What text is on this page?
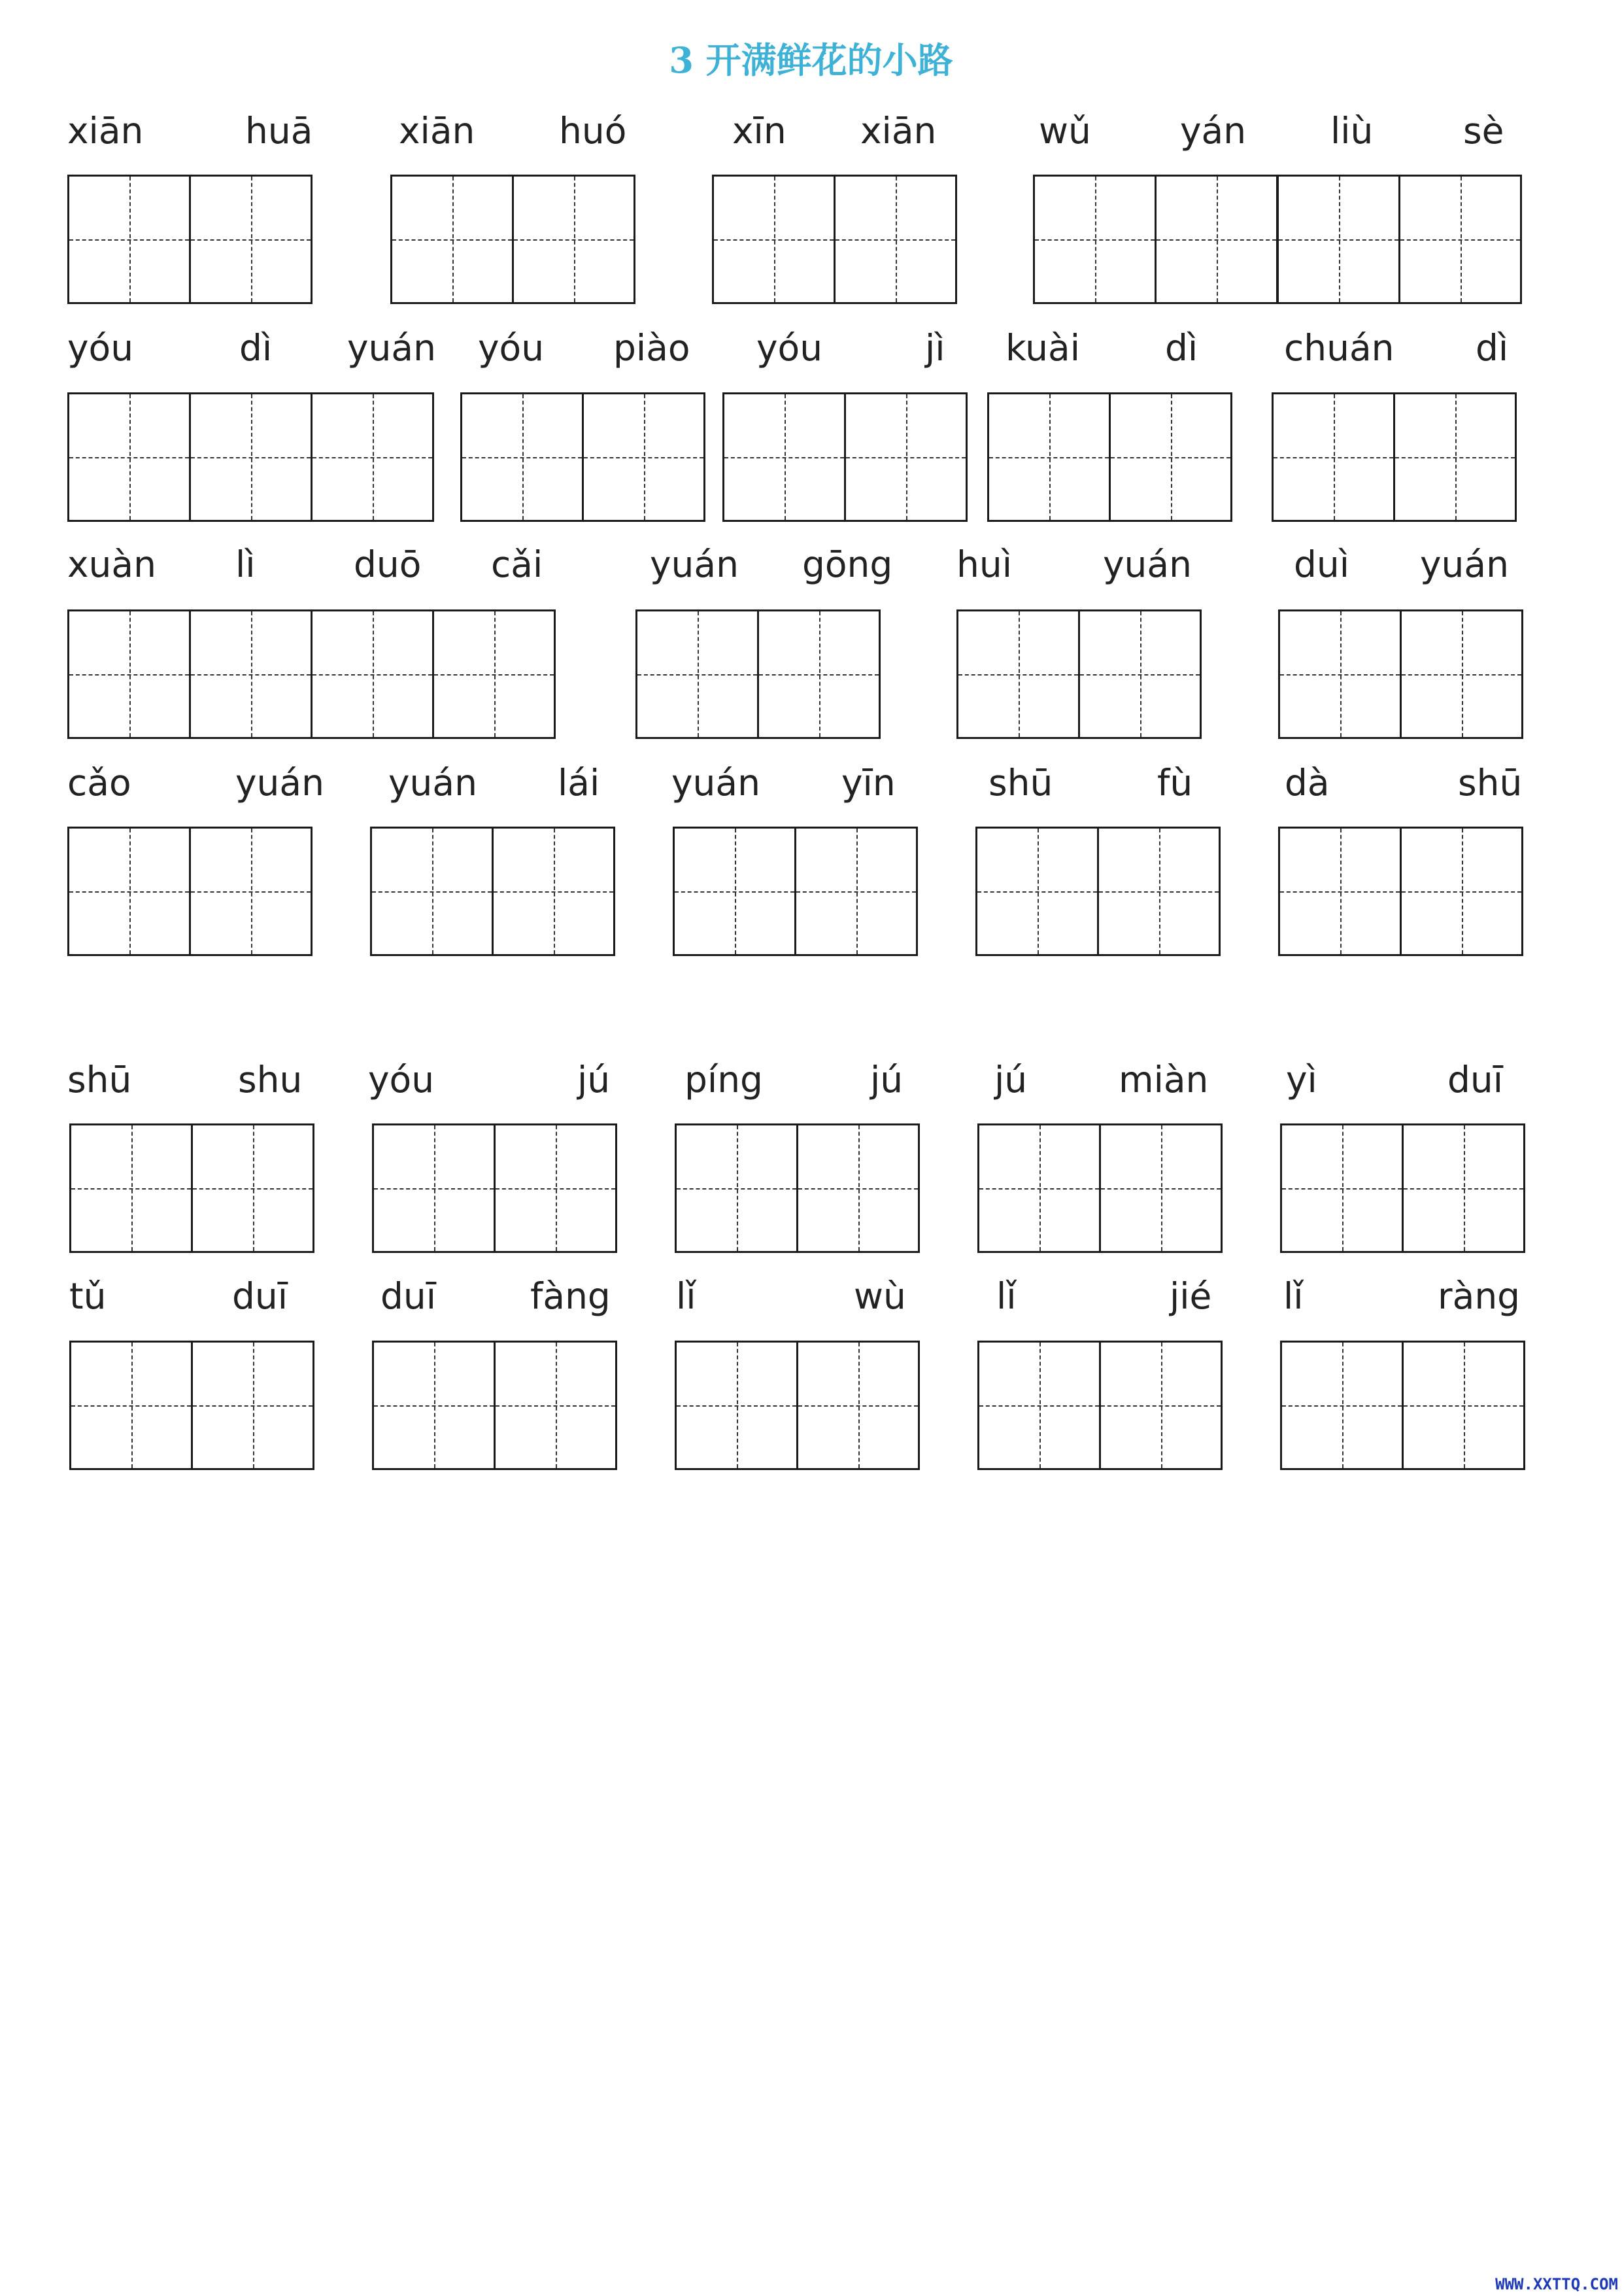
3 开满鲜花的小路
xiān	huā xiān huó	xīn xiān	wǔ yán liù	sè
yóu	dì yuán yóu piào yóu	jì kuài dì chuán dì
xuàn lì	duō cǎi	yuán gōng huì	yuán	duì yuán
cǎo	yuán yuán lái yuán yīn	shū	fù	dà	shū
shū	shu yóu	jú píng	jú	jú	miàn yì	duī
tǔ	duī	duī	fàng lǐ	wù	lǐ	jié lǐ	ràng
WWW.XXTTQ.COM
